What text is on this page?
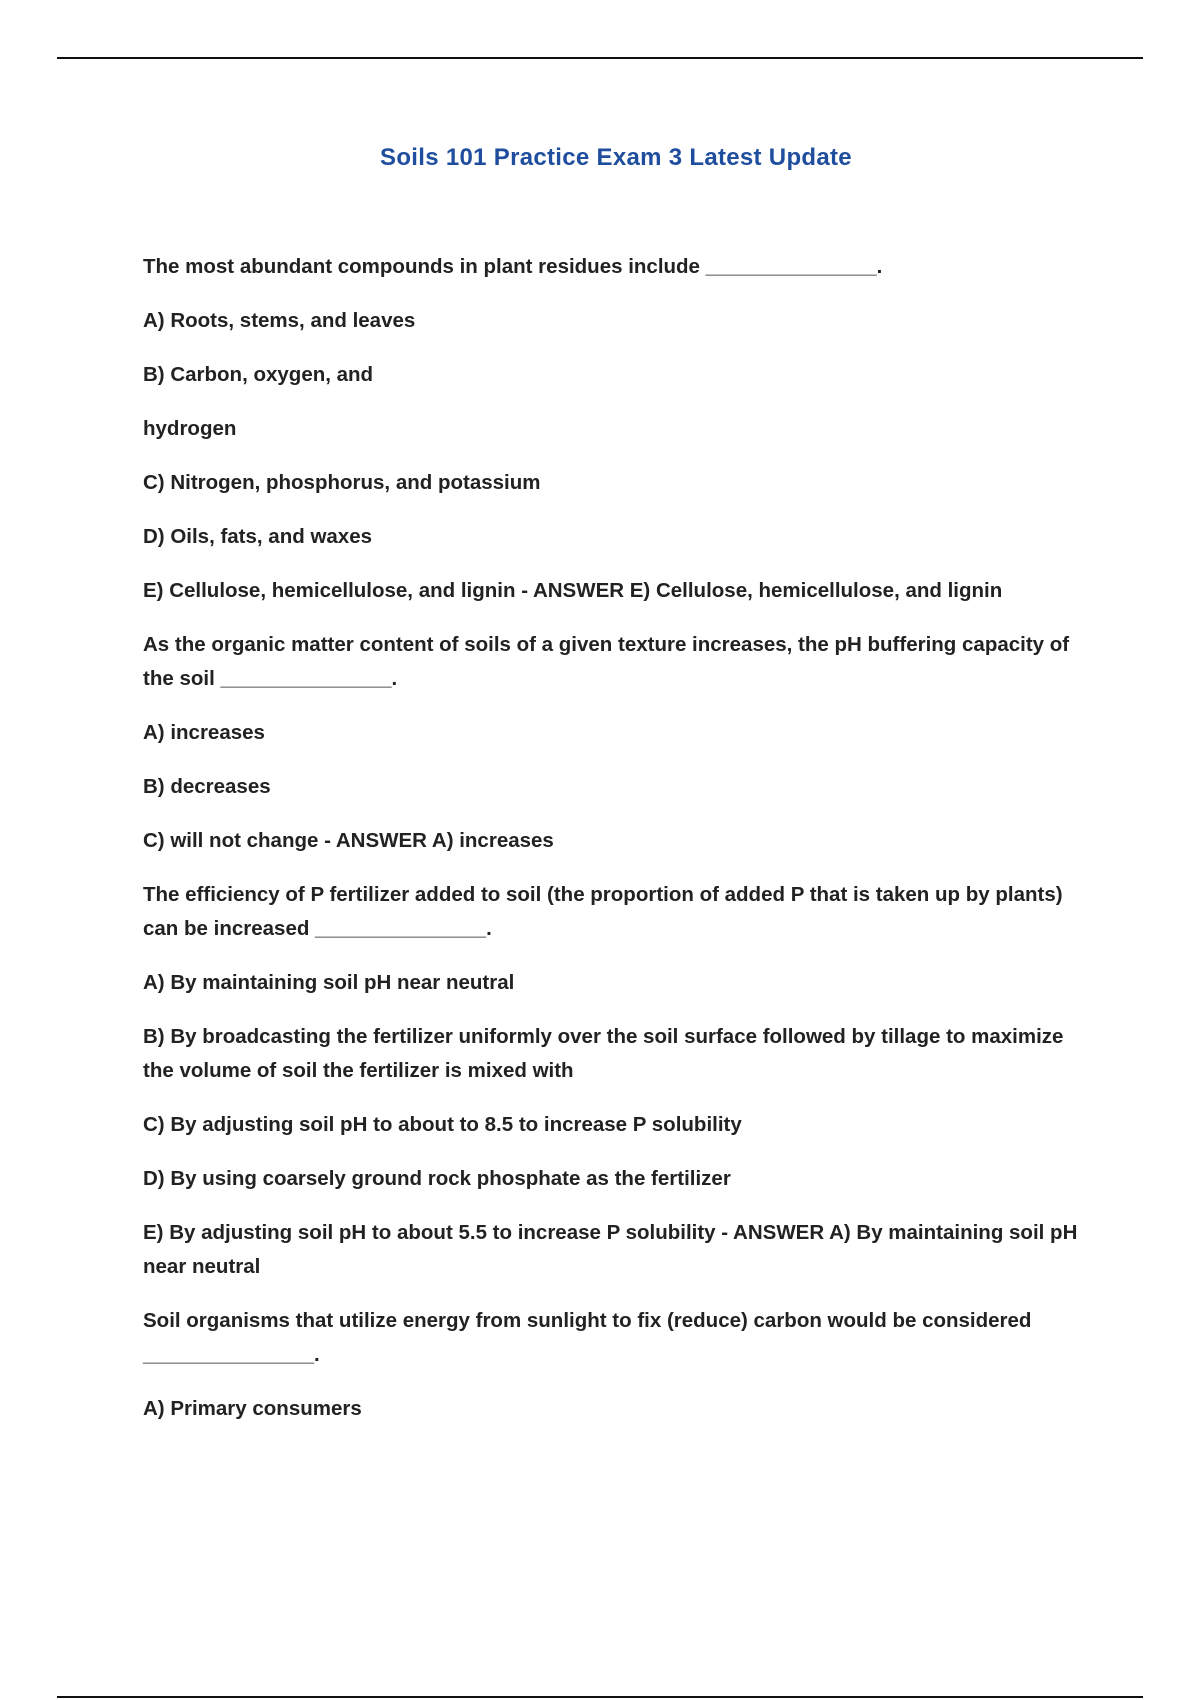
Soils 101 Practice Exam 3 Latest Update

The most abundant compounds in plant residues include _______________.

A) Roots, stems, and leaves

B) Carbon, oxygen, and

hydrogen

C) Nitrogen, phosphorus, and potassium

D) Oils, fats, and waxes

E) Cellulose, hemicellulose, and lignin - ANSWER E) Cellulose, hemicellulose, and lignin

As the organic matter content of soils of a given texture increases, the pH buffering capacity of the soil _______________.

A) increases

B) decreases

C) will not change - ANSWER A) increases

The efficiency of P fertilizer added to soil (the proportion of added P that is taken up by plants) can be increased _______________.

A) By maintaining soil pH near neutral

B) By broadcasting the fertilizer uniformly over the soil surface followed by tillage to maximize the volume of soil the fertilizer is mixed with

C) By adjusting soil pH to about to 8.5 to increase P solubility

D) By using coarsely ground rock phosphate as the fertilizer

E) By adjusting soil pH to about 5.5 to increase P solubility - ANSWER A) By maintaining soil pH near neutral

Soil organisms that utilize energy from sunlight to fix (reduce) carbon would be considered _______________.

A) Primary consumers
